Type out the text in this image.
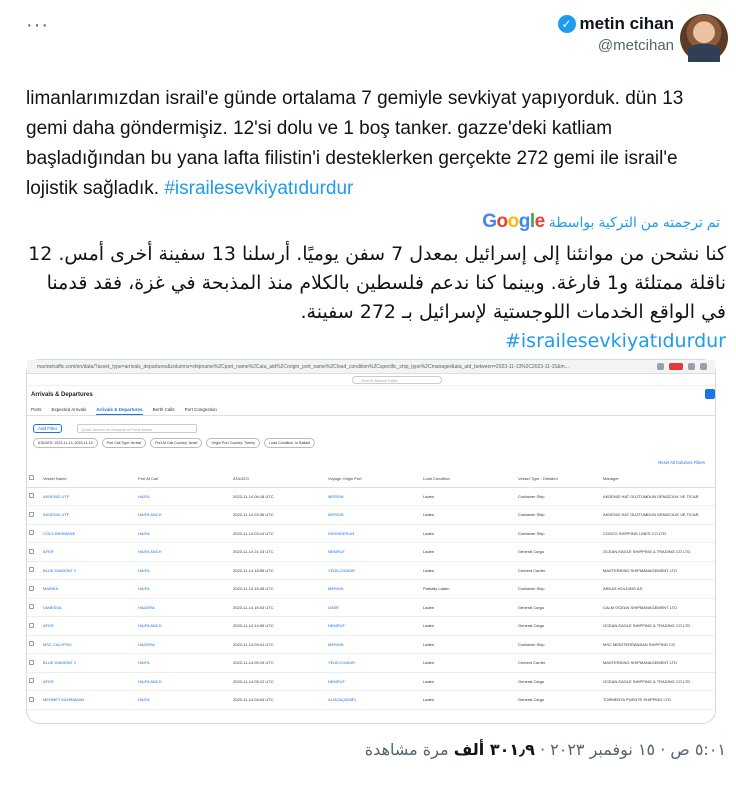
···	✓ metin cihan
@metcihan
limanlarımızdan israil'e günde ortalama 7 gemiyle sevkiyat yapıyorduk. dün 13 gemi daha göndermişiz. 12'si dolu ve 1 boş tanker. gazze'deki katliam başladığından bu yana lafta filistin'i desteklerken gerçekte 272 gemi ile israil'e lojistik sağladık. #israilesevkiyatıdurdur
تم ترجمته من التركية بواسطة
Google
كنا نشحن من موانئنا إلى إسرائيل بمعدل 7 سفن يوميًا. أرسلنا 13 سفينة أخرى أمس. 12 ناقلة ممتلئة و1 فارغة. وبينما كنا ندعم فلسطين بالكلام منذ المذبحة في غزة، فقد قدمنا في الواقع الخدمات اللوجستية لإسرائيل بـ 272 سفينة.
#israilesevkiyatıdurdur
marinetraffic.com/en/data/?asset_type=arrivals_departures&columns=shipname%2Cport_name%2Cata_atd%2Corigin_port_name%2Cload_condition%2Cspecific_ship_type%2Cmanager&ata_atd_between=2023-11-13%2C2023-11-15&m...
Search MarineTraffic
Arrivals & Departures
Ports Expected Arrivals Arrivals & Departures Berth Calls Port Congestion
Add Filter	Quick Search on Vessels or Ports Name
ATA/ATD: 2023-11-13, 2023-11-15	Port Call Type: Arrival	Port At Call Country: Israel	Origin Port Country: Turkey	Load Condition: In Ballast
Reset All Columns Filters
	Vessel Name	Port At Call	ATA/ATD	Voyage Origin Port	Load Condition	Vessel Type - Detailed	Manager	
	AKDENIZ UTF	HAIFA	2023-11-14 06:18 UTC	MERSIN	Laden	Container Ship	AKDENIZ HAT GUZTUMDUN DENIZCILIK VE TICAR	
	AKDENIZ UTF	HAIFA ANCH	2023-11-14 03:36 UTC	MERSIN	Laden	Container Ship	AKDENIZ HAT GUZTUMDUN DENIZCILIK VE TICAR	
	COLS BRISBANE	HAIFA	2023-11-14 03:14 UTC	ISKENDERUN	Laden	Container Ship	COSCO SHIPPING LINES CO LTD	
	AFER	HAIFA ANCH	2023-11-14 21:13 UTC	NEMRUT	Laden	General Cargo	OCEAN EAGLE SHIPPING & TRADING CO LTD	
	BLUE DIAMONT 2	HAIFA	2023-11-14 18:55 UTC	YEDILCHADIR	Laden	Cement Carrier	MASTERKING SHIPMANAGEMENT LTD	
	MARIKA	HAIFA	2023-11-14 16:45 UTC	MERSIN	Partially Laden	Container Ship	ARKAS HOLDING AS	
	VANESSA	HADERA	2023-11-14 16:03 UTC	IZMIR	Laden	General Cargo	CALM OCEAN SHIPMANAGEMENT LTD	
	AFER	HAIFA ANCH	2023-11-14 14:59 UTC	NEMRUT	Laden	General Cargo	OCEAN EAGLE SHIPPING & TRADING CO LTD	
	MSC CALYPSO	HADERA	2023-11-14 09:41 UTC	MERSIN	Laden	Container Ship	MSC MEDITERRANEAN SHIPPING CO	
	BLUE DIAMONT 2	HAIFA	2023-11-14 09:19 UTC	YEDILCHADIR	Laden	Cement Carrier	MASTERKING SHIPMANAGEMENT LTD	
	AFER	HAIFA ANCH	2023-11-14 05:12 UTC	NEMRUT	Laden	General Cargo	OCEAN EAGLE SHIPPING & TRADING CO LTD	
	MEHMET KAHRAMAN	HAIFA	2023-11-14 04:04 UTC	ALIAGA(IZMIR)	Laden	General Cargo	TORMENTA PUENTE SHIPPING LTD	
٥:٠١ ص · ١٥ نوفمبر ٢٠٢٣ · ٣٠١٫٩ ألف مرة مشاهدة
